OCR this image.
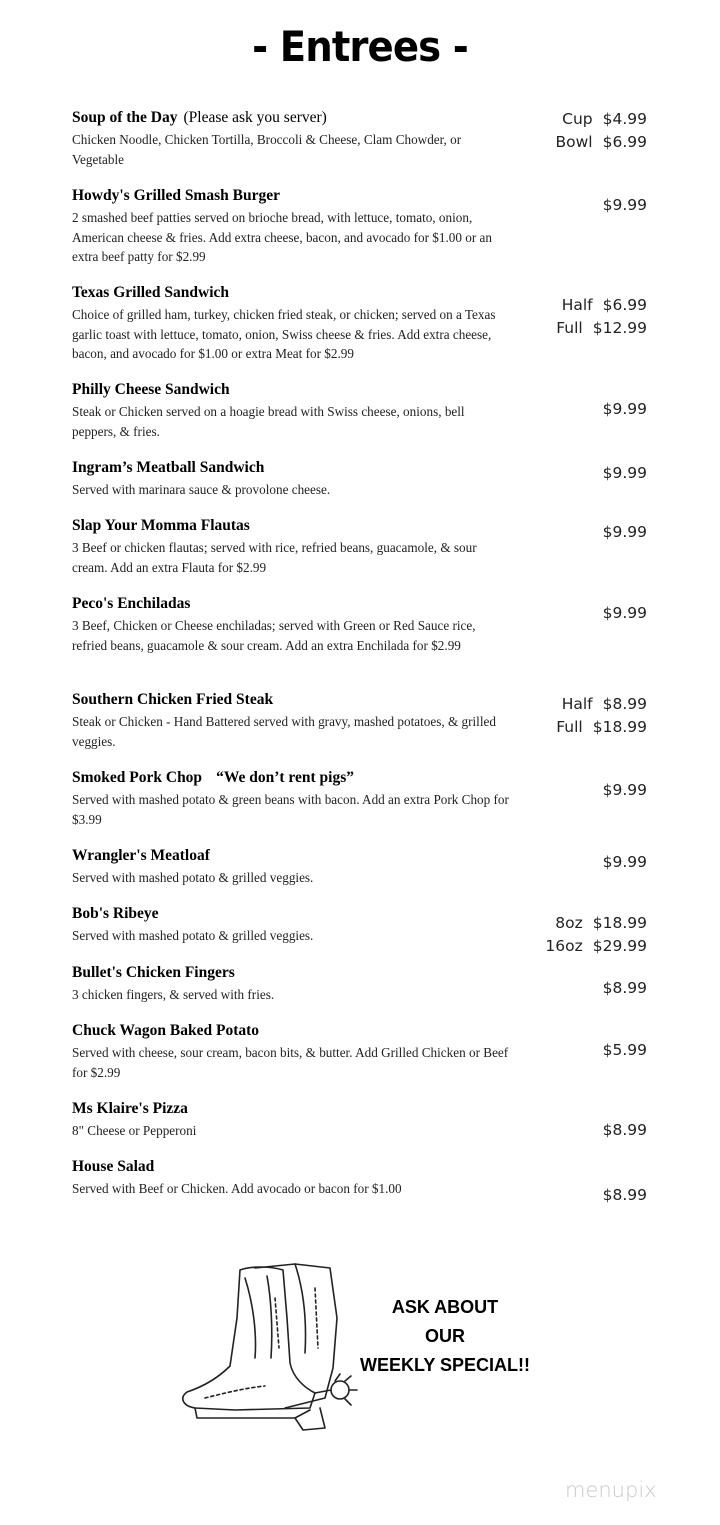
- Entrees -
Soup of the Day (Please ask you server)
Chicken Noodle, Chicken Tortilla, Broccoli & Cheese, Clam Chowder, or Vegetable
Cup $4.99
Bowl $6.99
Howdy's Grilled Smash Burger
2 smashed beef patties served on brioche bread, with lettuce, tomato, onion, American cheese & fries. Add extra cheese, bacon, and avocado for $1.00 or an extra beef patty for $2.99
$9.99
Texas Grilled Sandwich
Choice of grilled ham, turkey, chicken fried steak, or chicken; served on a Texas garlic toast with lettuce, tomato, onion, Swiss cheese & fries. Add extra cheese, bacon, and avocado for $1.00 or extra Meat for $2.99
Half $6.99
Full $12.99
Philly Cheese Sandwich
Steak or Chicken served on a hoagie bread with Swiss cheese, onions, bell peppers, & fries.
$9.99
Ingram’s Meatball Sandwich
Served with marinara sauce & provolone cheese.
$9.99
Slap Your Momma Flautas
3 Beef or chicken flautas; served with rice, refried beans, guacamole, & sour cream. Add an extra Flauta for $2.99
$9.99
Peco's Enchiladas
3 Beef, Chicken or Cheese enchiladas; served with Green or Red Sauce rice, refried beans, guacamole & sour cream. Add an extra Enchilada for $2.99
$9.99
Southern Chicken Fried Steak
Steak or Chicken - Hand Battered served with gravy, mashed potatoes, & grilled veggies.
Half $8.99
Full $18.99
Smoked Pork Chop “We don’t rent pigs”
Served with mashed potato & green beans with bacon. Add an extra Pork Chop for $3.99
$9.99
Wrangler's Meatloaf
Served with mashed potato & grilled veggies.
$9.99
Bob's Ribeye
Served with mashed potato & grilled veggies.
8oz $18.99
16oz $29.99
Bullet's Chicken Fingers
3 chicken fingers, & served with fries.	$8.99
Chuck Wagon Baked Potato
Served with cheese, sour cream, bacon bits, & butter. Add Grilled Chicken or Beef for $2.99
$5.99
Ms Klaire's Pizza
8" Cheese or Pepperoni	$8.99
House Salad
Served with Beef or Chicken. Add avocado or bacon for $1.00	$8.99
ASK ABOUT
OUR
WEEKLY SPECIAL!!
menupix
